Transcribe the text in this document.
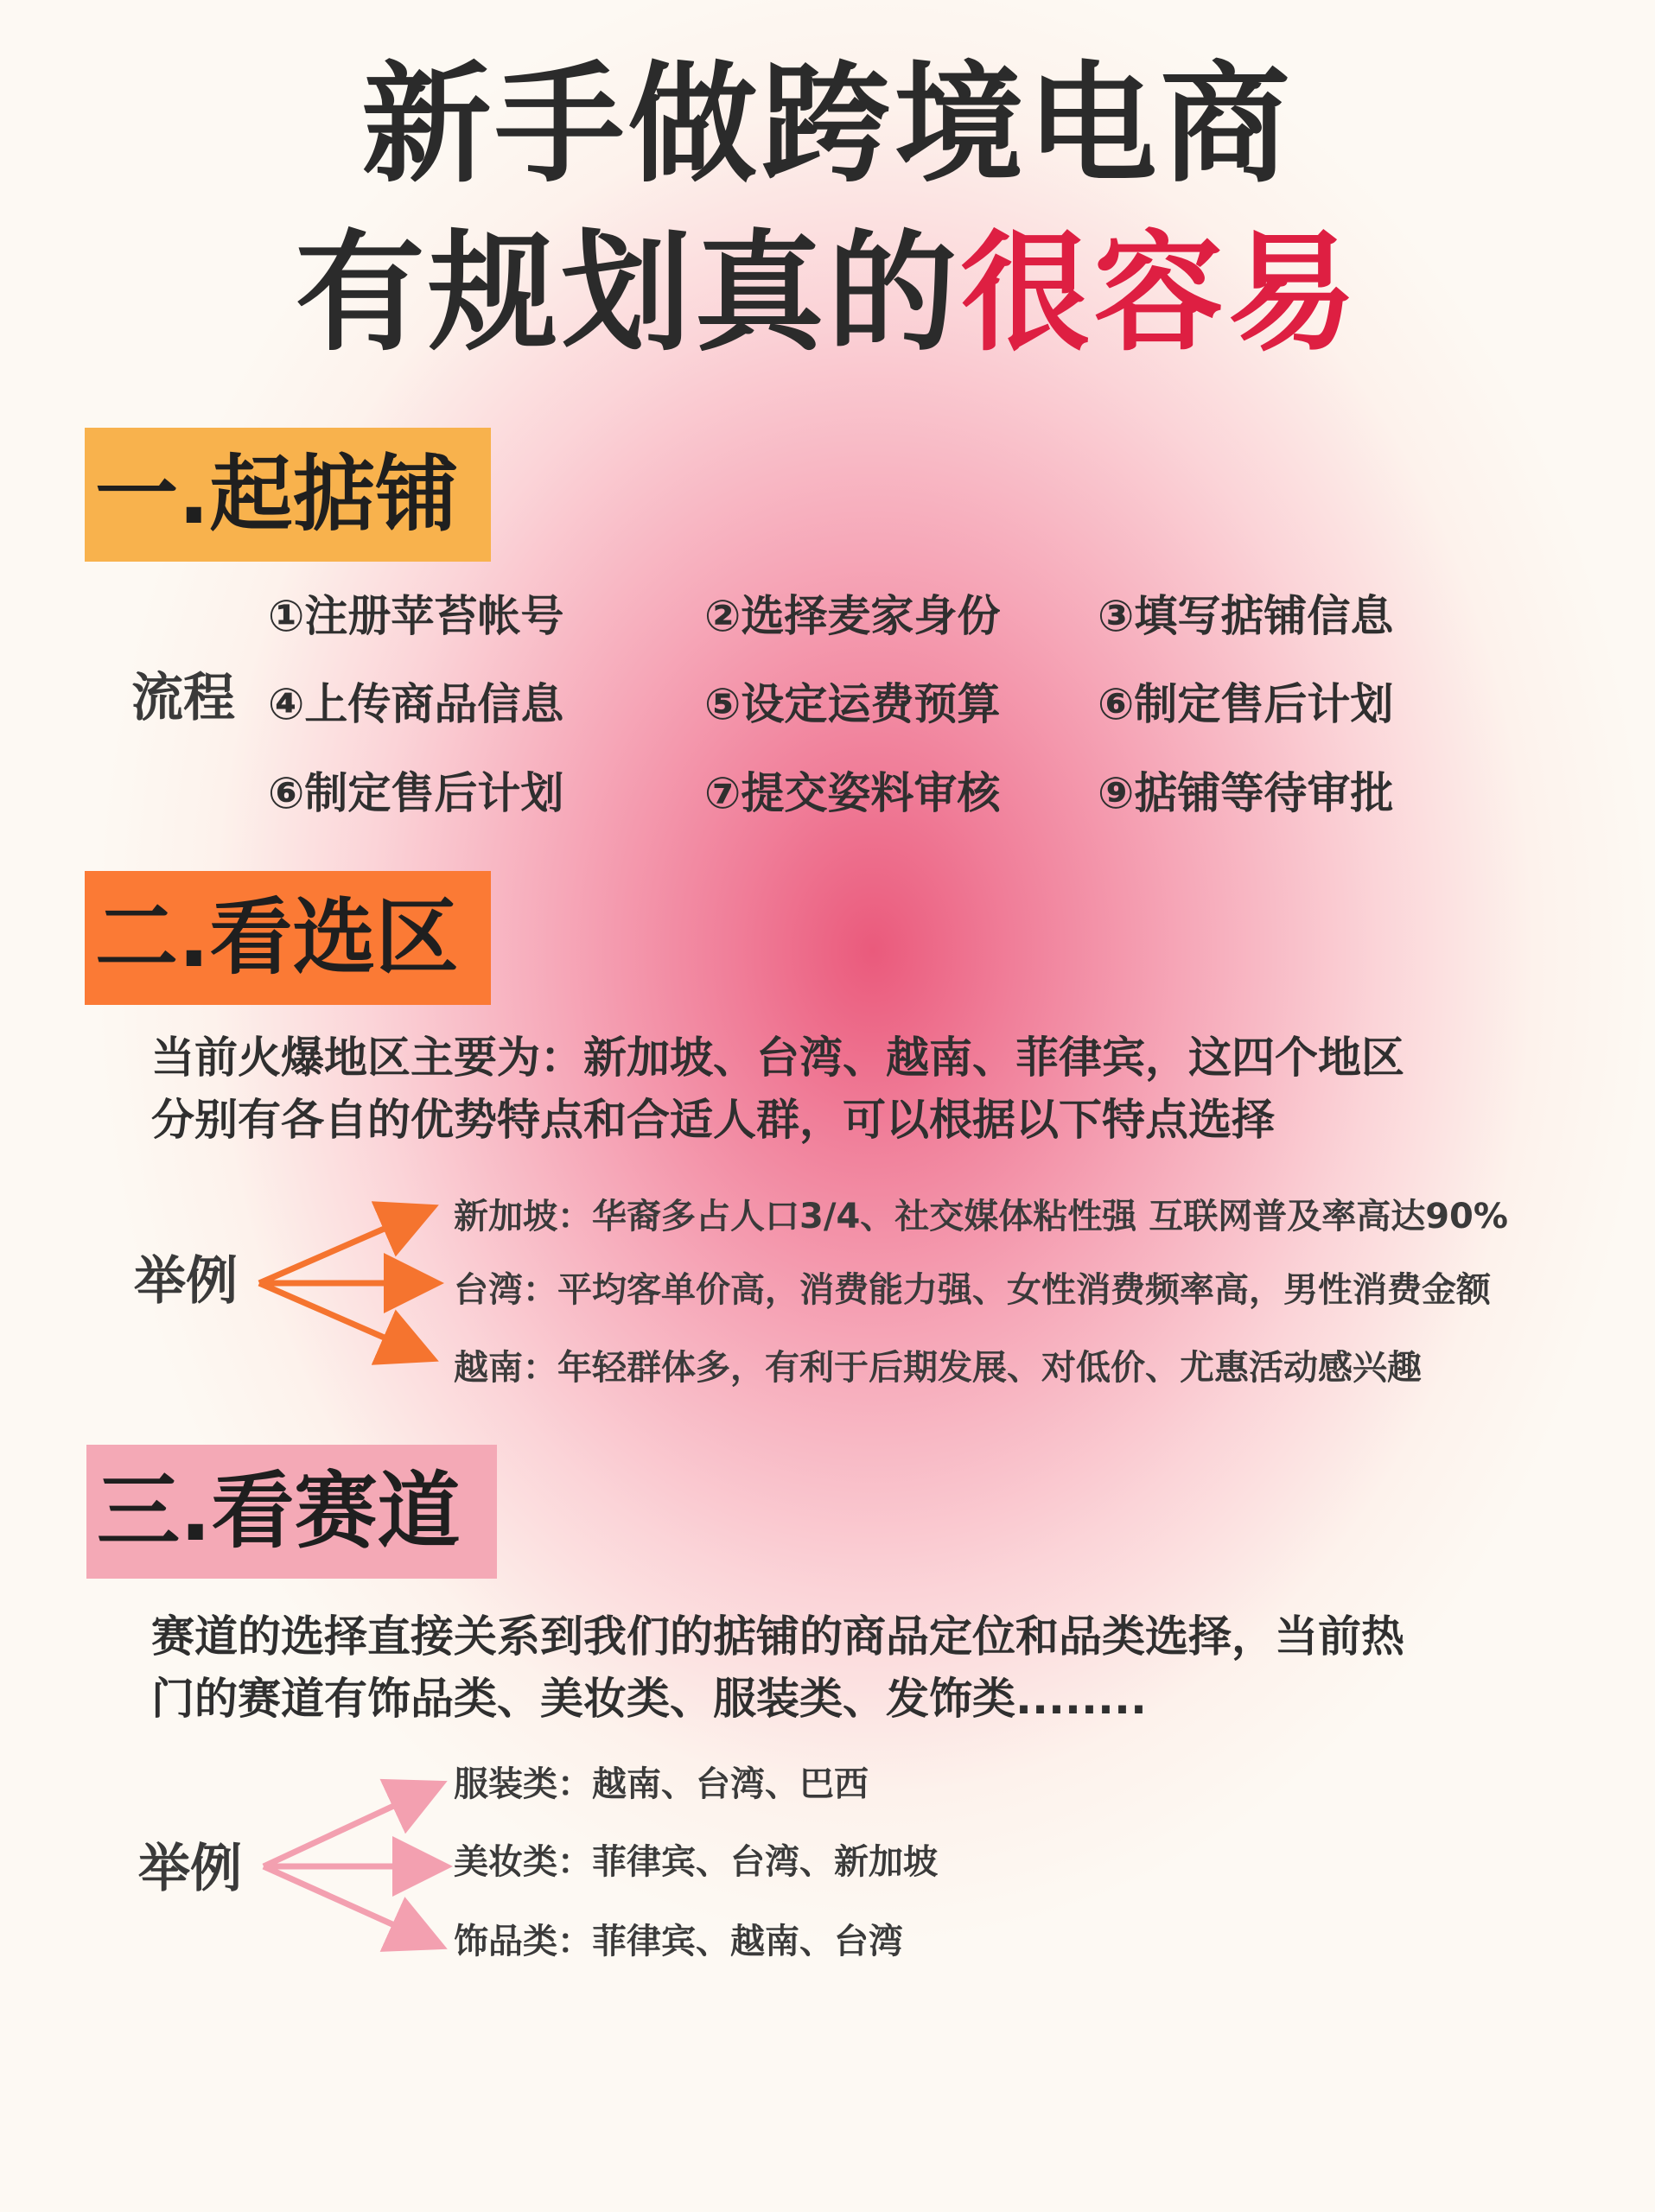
新手做跨境电商
有规划真的很容易
一.起掂铺
流程
①注册苹苔帐号	②选择麦家身份 ③填写掂铺信息
④上传商品信息	⑤设定运费预算 ⑥制定售后计划
⑥制定售后计划	⑦提交姿料审核 ⑨掂铺等待审批
二.看选区
当前火爆地区主要为：新加坡、台湾、越南、菲律宾，这四个地区
分别有各自的优势特点和合适人群，可以根据以下特点选择
举例
新加坡：华裔多占人口3/4、社交媒体粘性强 互联网普及率高达90%
台湾：平均客单价高，消费能力强、女性消费频率高，男性消费金额
越南：年轻群体多，有利于后期发展、对低价、尤惠活动感兴趣
三.看赛道
赛道的选择直接关系到我们的掂铺的商品定位和品类选择，当前热
门的赛道有饰品类、美妆类、服装类、发饰类........
举例
服装类：越南、台湾、巴西
美妆类：菲律宾、台湾、新加坡
饰品类：菲律宾、越南、台湾
